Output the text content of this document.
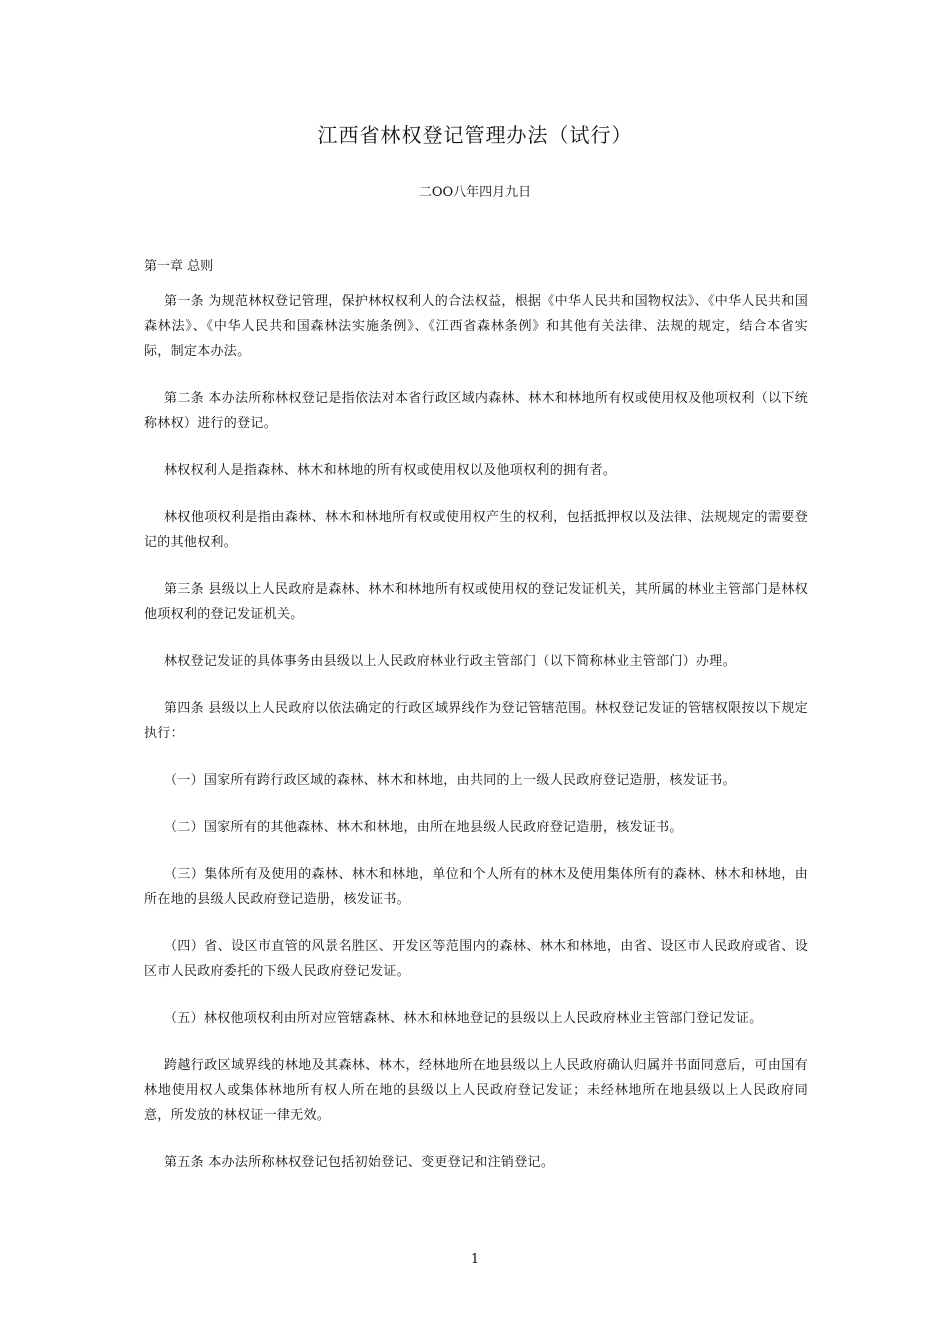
江西省林权登记管理办法（试行）
二OO八年四月九日

第一章 总则

第一条 为规范林权登记管理，保护林权权利人的合法权益，根据《中华人民共和国物权法》、《中华人民共和国森林法》、《中华人民共和国森林法实施条例》、《江西省森林条例》和其他有关法律、法规的规定，结合本省实际，制定本办法。

第二条 本办法所称林权登记是指依法对本省行政区域内森林、林木和林地所有权或使用权及他项权利（以下统称林权）进行的登记。

林权权利人是指森林、林木和林地的所有权或使用权以及他项权利的拥有者。

林权他项权利是指由森林、林木和林地所有权或使用权产生的权利，包括抵押权以及法律、法规规定的需要登记的其他权利。

第三条 县级以上人民政府是森林、林木和林地所有权或使用权的登记发证机关，其所属的林业主管部门是林权他项权利的登记发证机关。

林权登记发证的具体事务由县级以上人民政府林业行政主管部门（以下简称林业主管部门）办理。

第四条 县级以上人民政府以依法确定的行政区域界线作为登记管辖范围。林权登记发证的管辖权限按以下规定执行：

（一）国家所有跨行政区域的森林、林木和林地，由共同的上一级人民政府登记造册，核发证书。

（二）国家所有的其他森林、林木和林地，由所在地县级人民政府登记造册，核发证书。

（三）集体所有及使用的森林、林木和林地，单位和个人所有的林木及使用集体所有的森林、林木和林地，由所在地的县级人民政府登记造册，核发证书。

（四）省、设区市直管的风景名胜区、开发区等范围内的森林、林木和林地，由省、设区市人民政府或省、设区市人民政府委托的下级人民政府登记发证。

（五）林权他项权利由所对应管辖森林、林木和林地登记的县级以上人民政府林业主管部门登记发证。

跨越行政区域界线的林地及其森林、林木，经林地所在地县级以上人民政府确认归属并书面同意后，可由国有林地使用权人或集体林地所有权人所在地的县级以上人民政府登记发证；未经林地所在地县级以上人民政府同意，所发放的林权证一律无效。

第五条 本办法所称林权登记包括初始登记、变更登记和注销登记。

1
